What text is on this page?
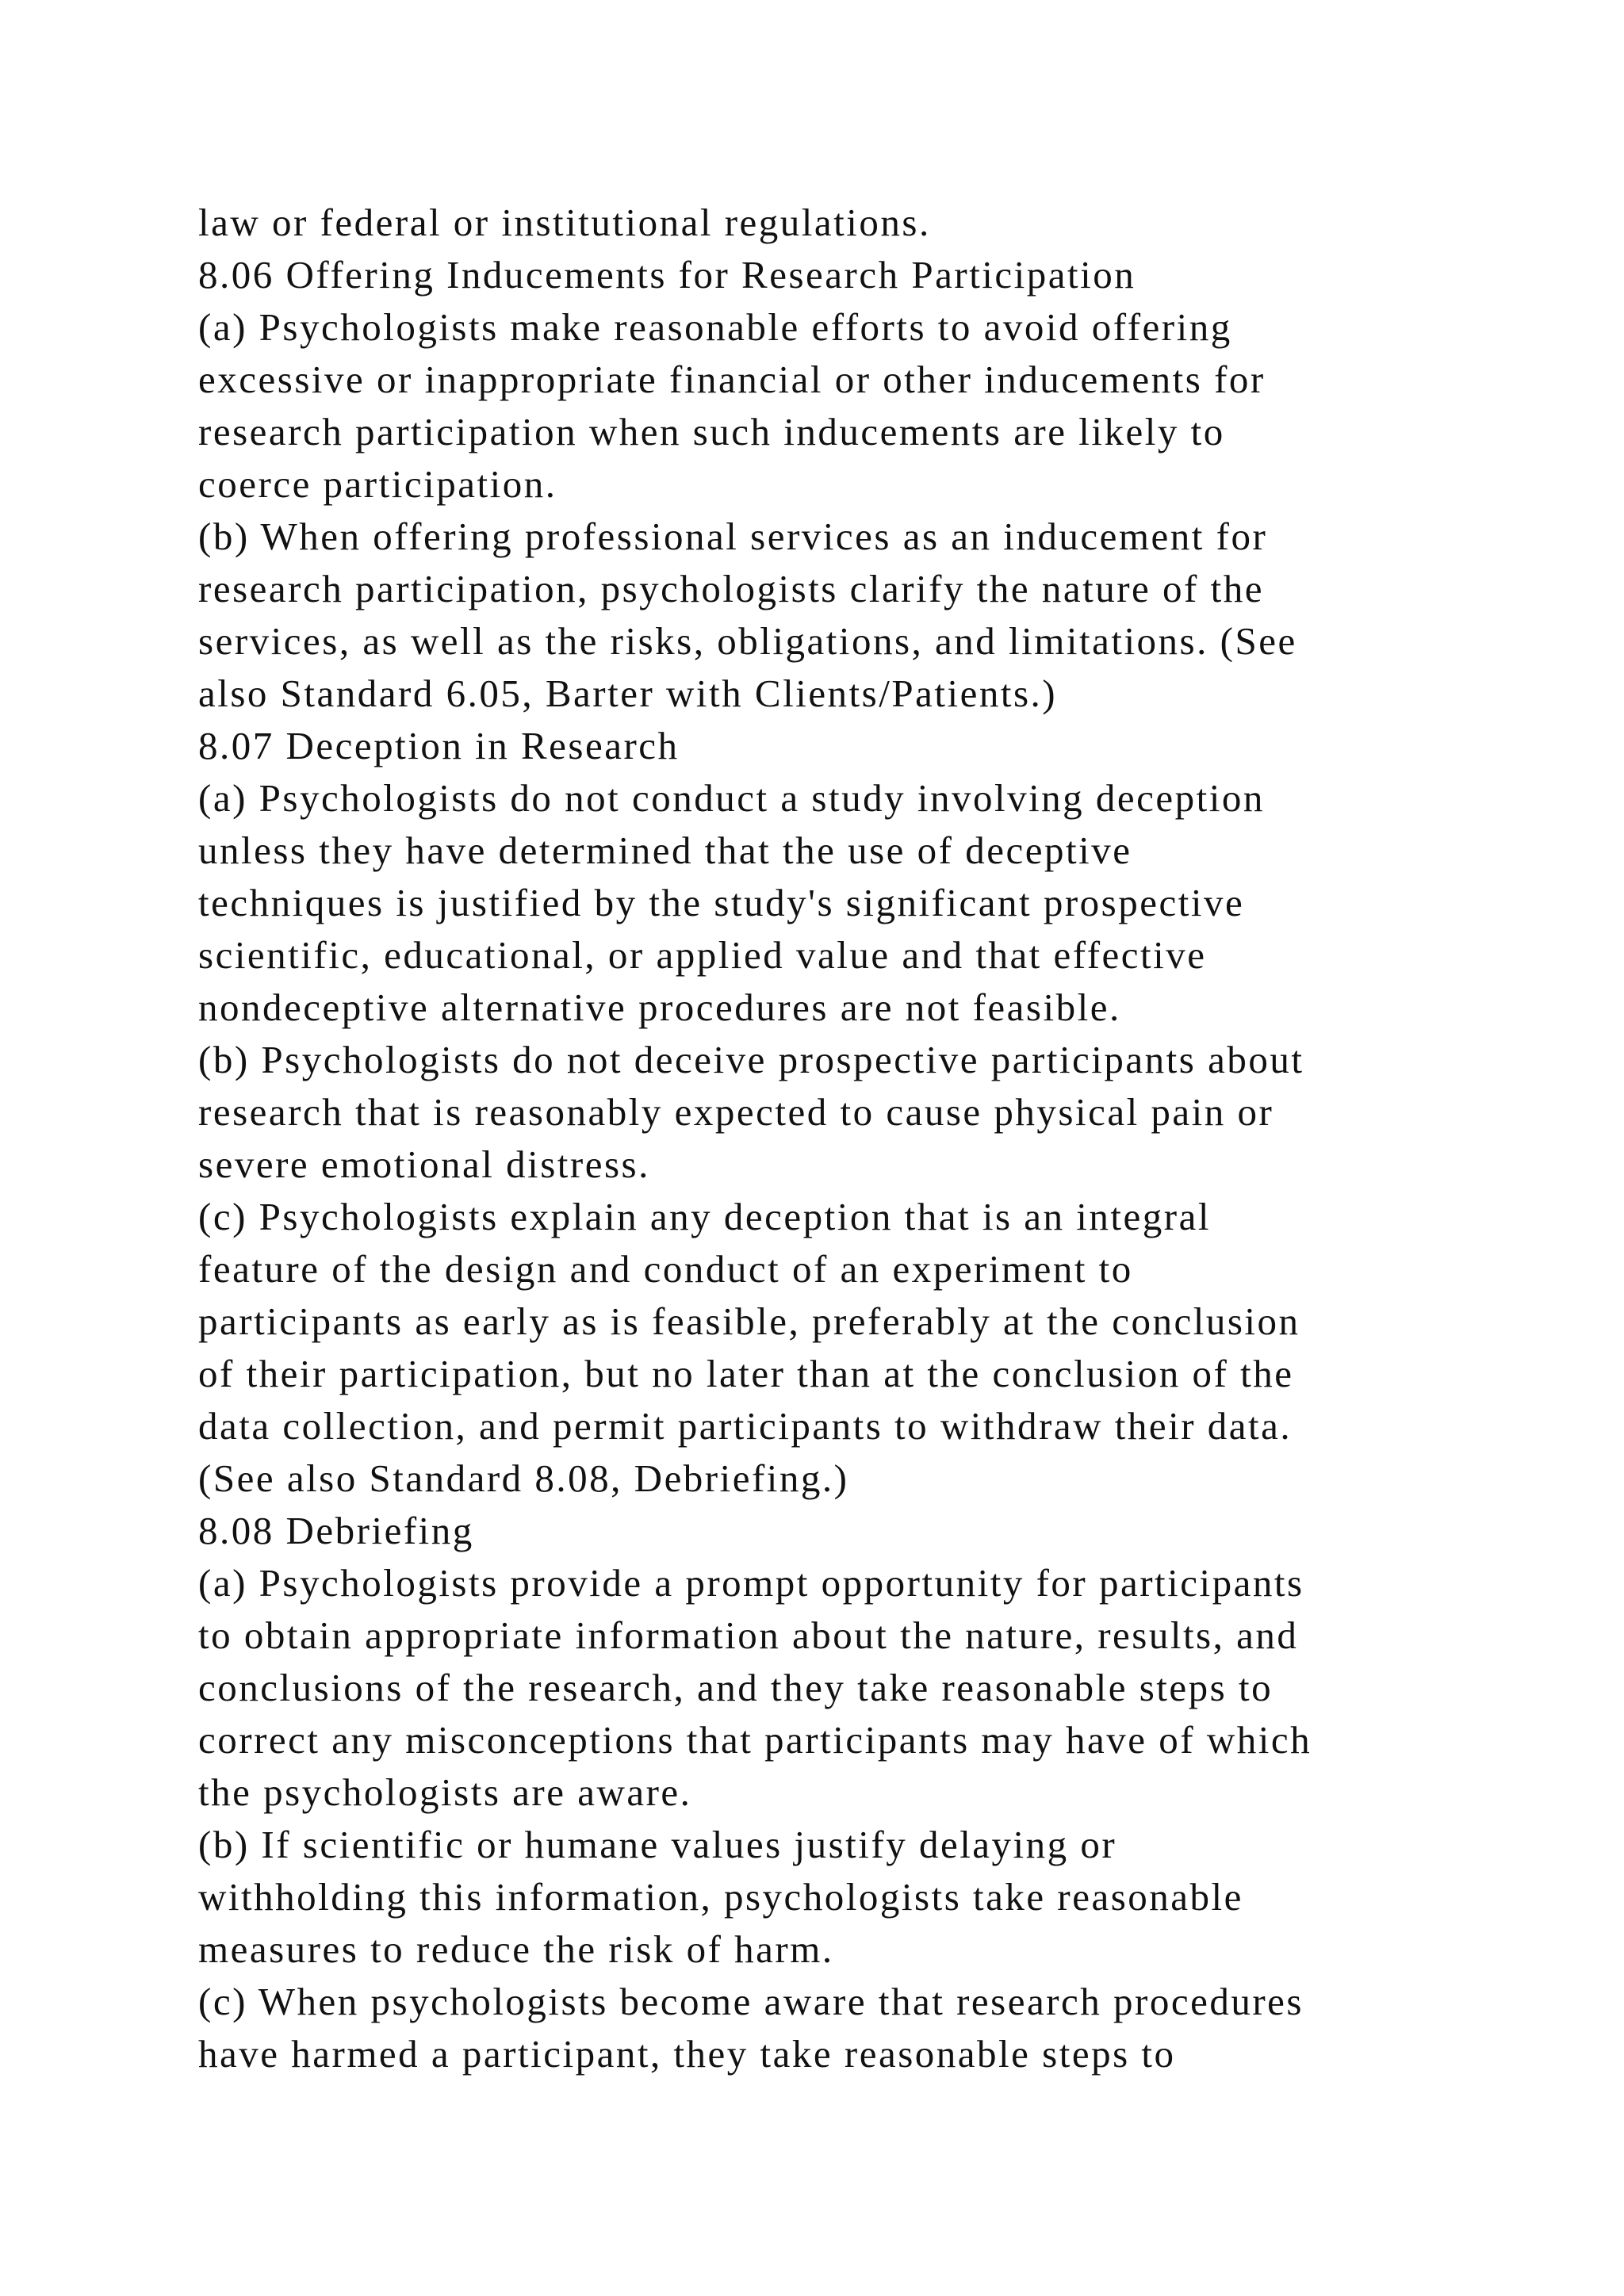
law or federal or institutional regulations.
8.06 Offering Inducements for Research Participation
(a) Psychologists make reasonable efforts to avoid offering
excessive or inappropriate financial or other inducements for
research participation when such inducements are likely to
coerce participation.
(b) When offering professional services as an inducement for
research participation, psychologists clarify the nature of the
services, as well as the risks, obligations, and limitations. (See
also Standard 6.05, Barter with Clients/Patients.)
8.07 Deception in Research
(a) Psychologists do not conduct a study involving deception
unless they have determined that the use of deceptive
techniques is justified by the study's significant prospective
scientific, educational, or applied value and that effective
nondeceptive alternative procedures are not feasible.
(b) Psychologists do not deceive prospective participants about
research that is reasonably expected to cause physical pain or
severe emotional distress.
(c) Psychologists explain any deception that is an integral
feature of the design and conduct of an experiment to
participants as early as is feasible, preferably at the conclusion
of their participation, but no later than at the conclusion of the
data collection, and permit participants to withdraw their data.
(See also Standard 8.08, Debriefing.)
8.08 Debriefing
(a) Psychologists provide a prompt opportunity for participants
to obtain appropriate information about the nature, results, and
conclusions of the research, and they take reasonable steps to
correct any misconceptions that participants may have of which
the psychologists are aware.
(b) If scientific or humane values justify delaying or
withholding this information, psychologists take reasonable
measures to reduce the risk of harm.
(c) When psychologists become aware that research procedures
have harmed a participant, they take reasonable steps to
